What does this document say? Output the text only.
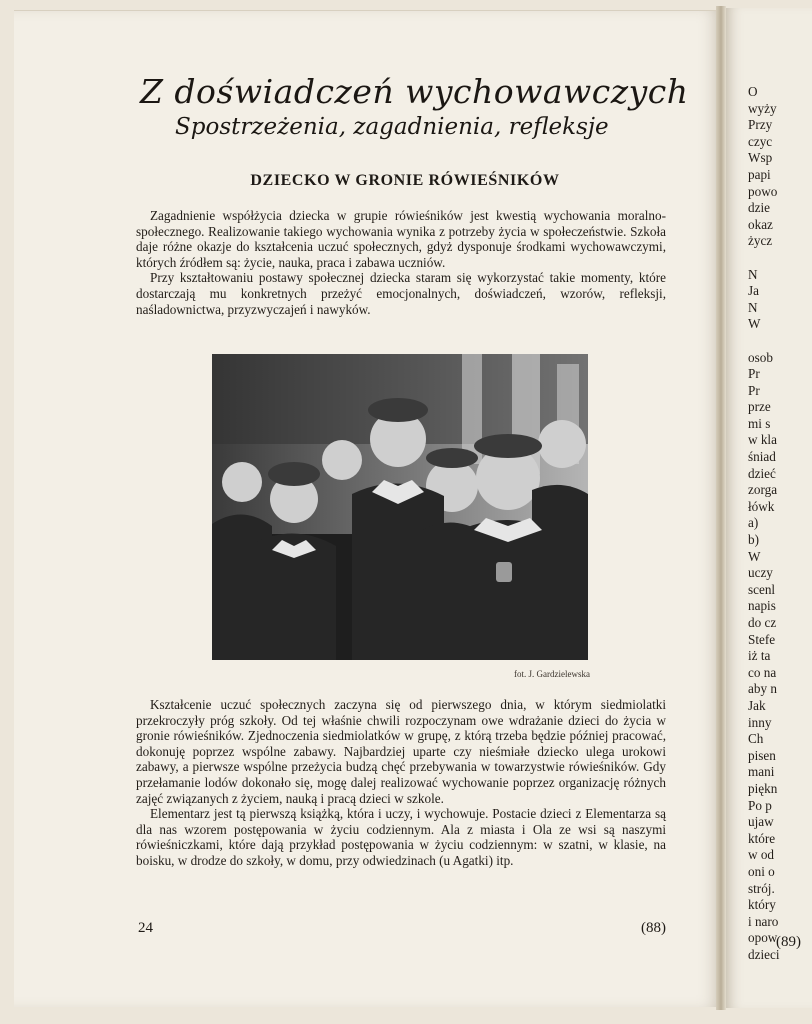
Z doświadczeń wychowawczych
Spostrzeżenia, zagadnienia, refleksje
DZIECKO W GRONIE RÓWIEŚNIKÓW

Zagadnienie współżycia dziecka w grupie rówieśników jest kwestią wychowania moralno-społecznego. Realizowanie takiego wychowania wynika z potrzeby życia w społeczeństwie. Szkoła daje różne okazje do kształcenia uczuć społecznych, gdyż dysponuje środkami wychowawczymi, których źródłem są: życie, nauka, praca i zabawa uczniów.

Przy kształtowaniu postawy społecznej dziecka staram się wykorzystać takie momenty, które dostarczają mu konkretnych przeżyć emocjonalnych, doświadczeń, wzorów, refleksji, naśladownictwa, przyzwyczajeń i nawyków.

fot. J. Gardzielewska

Kształcenie uczuć społecznych zaczyna się od pierwszego dnia, w którym siedmiolatki przekroczyły próg szkoły. Od tej właśnie chwili rozpoczynam owe wdrażanie dzieci do życia w gronie rówieśników. Zjednoczenia siedmiolatków w grupę, z którą trzeba będzie później pracować, dokonuję poprzez wspólne zabawy. Najbardziej uparte czy nieśmiałe dziecko ulega urokowi zabawy, a pierwsze wspólne przeżycia budzą chęć przebywania w towarzystwie rówieśników. Gdy przełamanie lodów dokonało się, mogę dalej realizować wychowanie poprzez organizację różnych zajęć związanych z życiem, nauką i pracą dzieci w szkole.

Elementarz jest tą pierwszą książką, która i uczy, i wychowuje. Postacie dzieci z Elementarza są dla nas wzorem postępowania w życiu codziennym. Ala z miasta i Ola ze wsi są naszymi rówieśniczkami, które dają przykład postępowania w życiu codziennym: w szatni, w klasie, na boisku, w drodze do szkoły, w domu, przy odwiedzinach (u Agatki) itp.

24	(88)
O
wyży
Przy
czyc
Wsp
papi
powo
dzie
okaz
życz
N
Ja
N
W
osob
Pr
Pr
prze
mi s
w kla
śniad
dzieć
zorga
łówk
a)
b)
W
uczy
scenl
napis
do cz
Stefe
iż ta
co na
aby n
Jak
inny
Ch
pisen
mani
piękn
Po p
ujaw
które
w od
oni o
strój.
który
i naro
opow
dzieci
(89)
